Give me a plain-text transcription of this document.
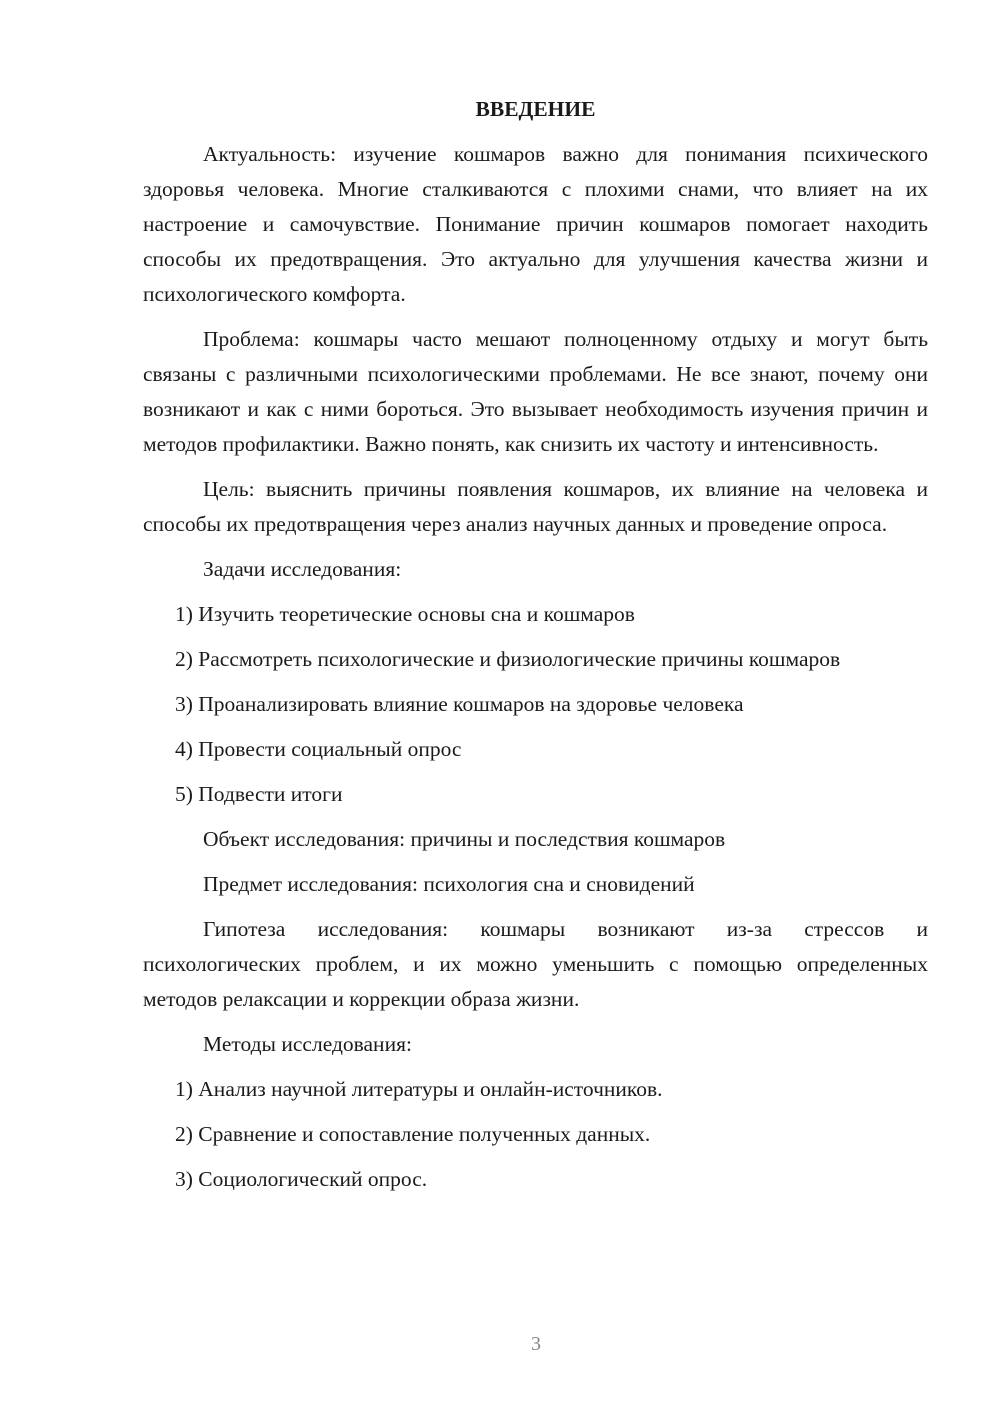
ВВЕДЕНИЕ

Актуальность: изучение кошмаров важно для понимания психического здоровья человека. Многие сталкиваются с плохими снами, что влияет на их настроение и самочувствие. Понимание причин кошмаров помогает находить способы их предотвращения. Это актуально для улучшения качества жизни и психологического комфорта.

Проблема: кошмары часто мешают полноценному отдыху и могут быть связаны с различными психологическими проблемами. Не все знают, почему они возникают и как с ними бороться. Это вызывает необходимость изучения причин и методов профилактики. Важно понять, как снизить их частоту и интенсивность.

Цель: выяснить причины появления кошмаров, их влияние на человека и способы их предотвращения через анализ научных данных и проведение опроса.

Задачи исследования:

1) Изучить теоретические основы сна и кошмаров

2) Рассмотреть психологические и физиологические причины кошмаров

3) Проанализировать влияние кошмаров на здоровье человека

4) Провести социальный опрос

5) Подвести итоги

Объект исследования: причины и последствия кошмаров

Предмет исследования: психология сна и сновидений

Гипотеза исследования: кошмары возникают из-за стрессов и психологических проблем, и их можно уменьшить с помощью определенных методов релаксации и коррекции образа жизни.

Методы исследования:

1) Анализ научной литературы и онлайн-источников.

2) Сравнение и сопоставление полученных данных.

3) Социологический опрос.

3
